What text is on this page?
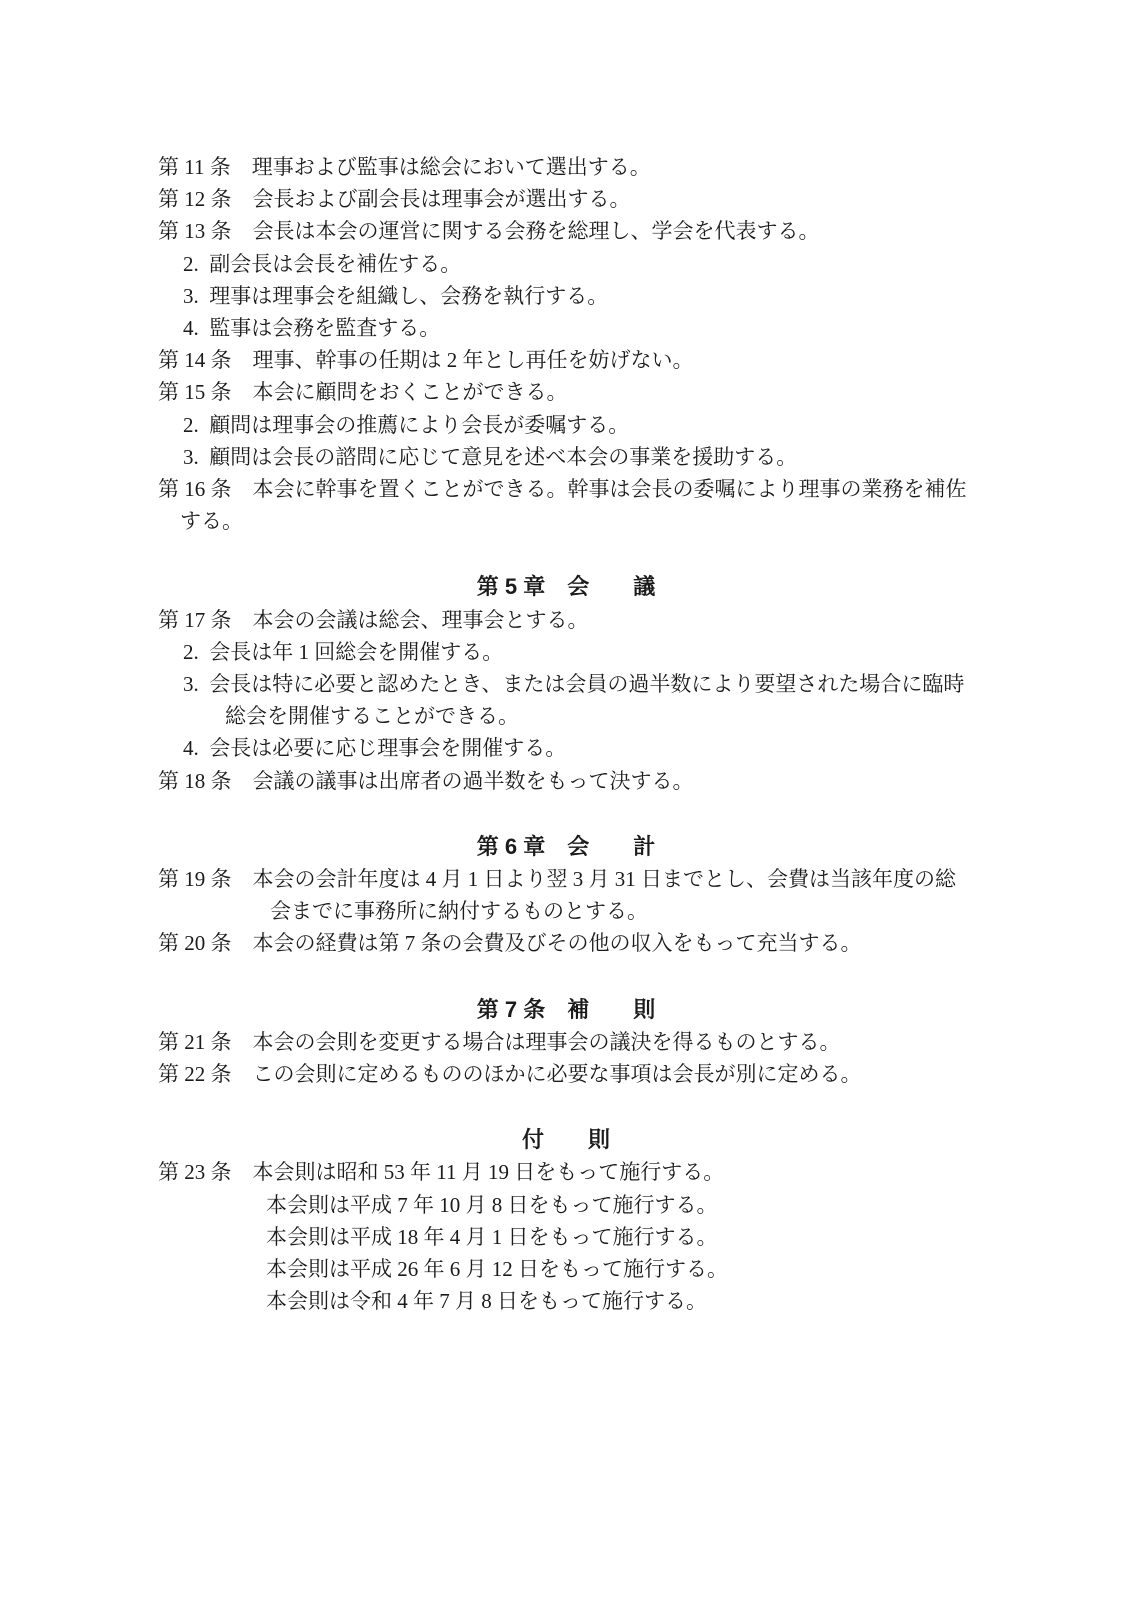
第 11 条　理事および監事は総会において選出する。
第 12 条　会長および副会長は理事会が選出する。
第 13 条　会長は本会の運営に関する会務を総理し、学会を代表する。
2.  副会長は会長を補佐する。
3.  理事は理事会を組織し、会務を執行する。
4.  監事は会務を監査する。
第 14 条　理事、幹事の任期は 2 年とし再任を妨げない。
第 15 条　本会に顧問をおくことができる。
2.  顧問は理事会の推薦により会長が委嘱する。
3.  顧問は会長の諮問に応じて意見を述べ本会の事業を援助する。
第 16 条　本会に幹事を置くことができる。幹事は会長の委嘱により理事の業務を補佐
する。
第 5 章　会　　議
第 17 条　本会の会議は総会、理事会とする。
2.  会長は年 1 回総会を開催する。
3.  会長は特に必要と認めたとき、または会員の過半数により要望された場合に臨時
総会を開催することができる。
4.  会長は必要に応じ理事会を開催する。
第 18 条　会議の議事は出席者の過半数をもって決する。
第 6 章　会　　計
第 19 条　本会の会計年度は 4 月 1 日より翌 3 月 31 日までとし、会費は当該年度の総
会までに事務所に納付するものとする。
第 20 条　本会の経費は第 7 条の会費及びその他の収入をもって充当する。
第 7 条　補　　則
第 21 条　本会の会則を変更する場合は理事会の議決を得るものとする。
第 22 条　この会則に定めるもののほかに必要な事項は会長が別に定める。
付　　則
第 23 条　本会則は昭和 53 年 11 月 19 日をもって施行する。
本会則は平成 7 年 10 月 8 日をもって施行する。
本会則は平成 18 年 4 月 1 日をもって施行する。
本会則は平成 26 年 6 月 12 日をもって施行する。
本会則は令和 4 年 7 月 8 日をもって施行する。
